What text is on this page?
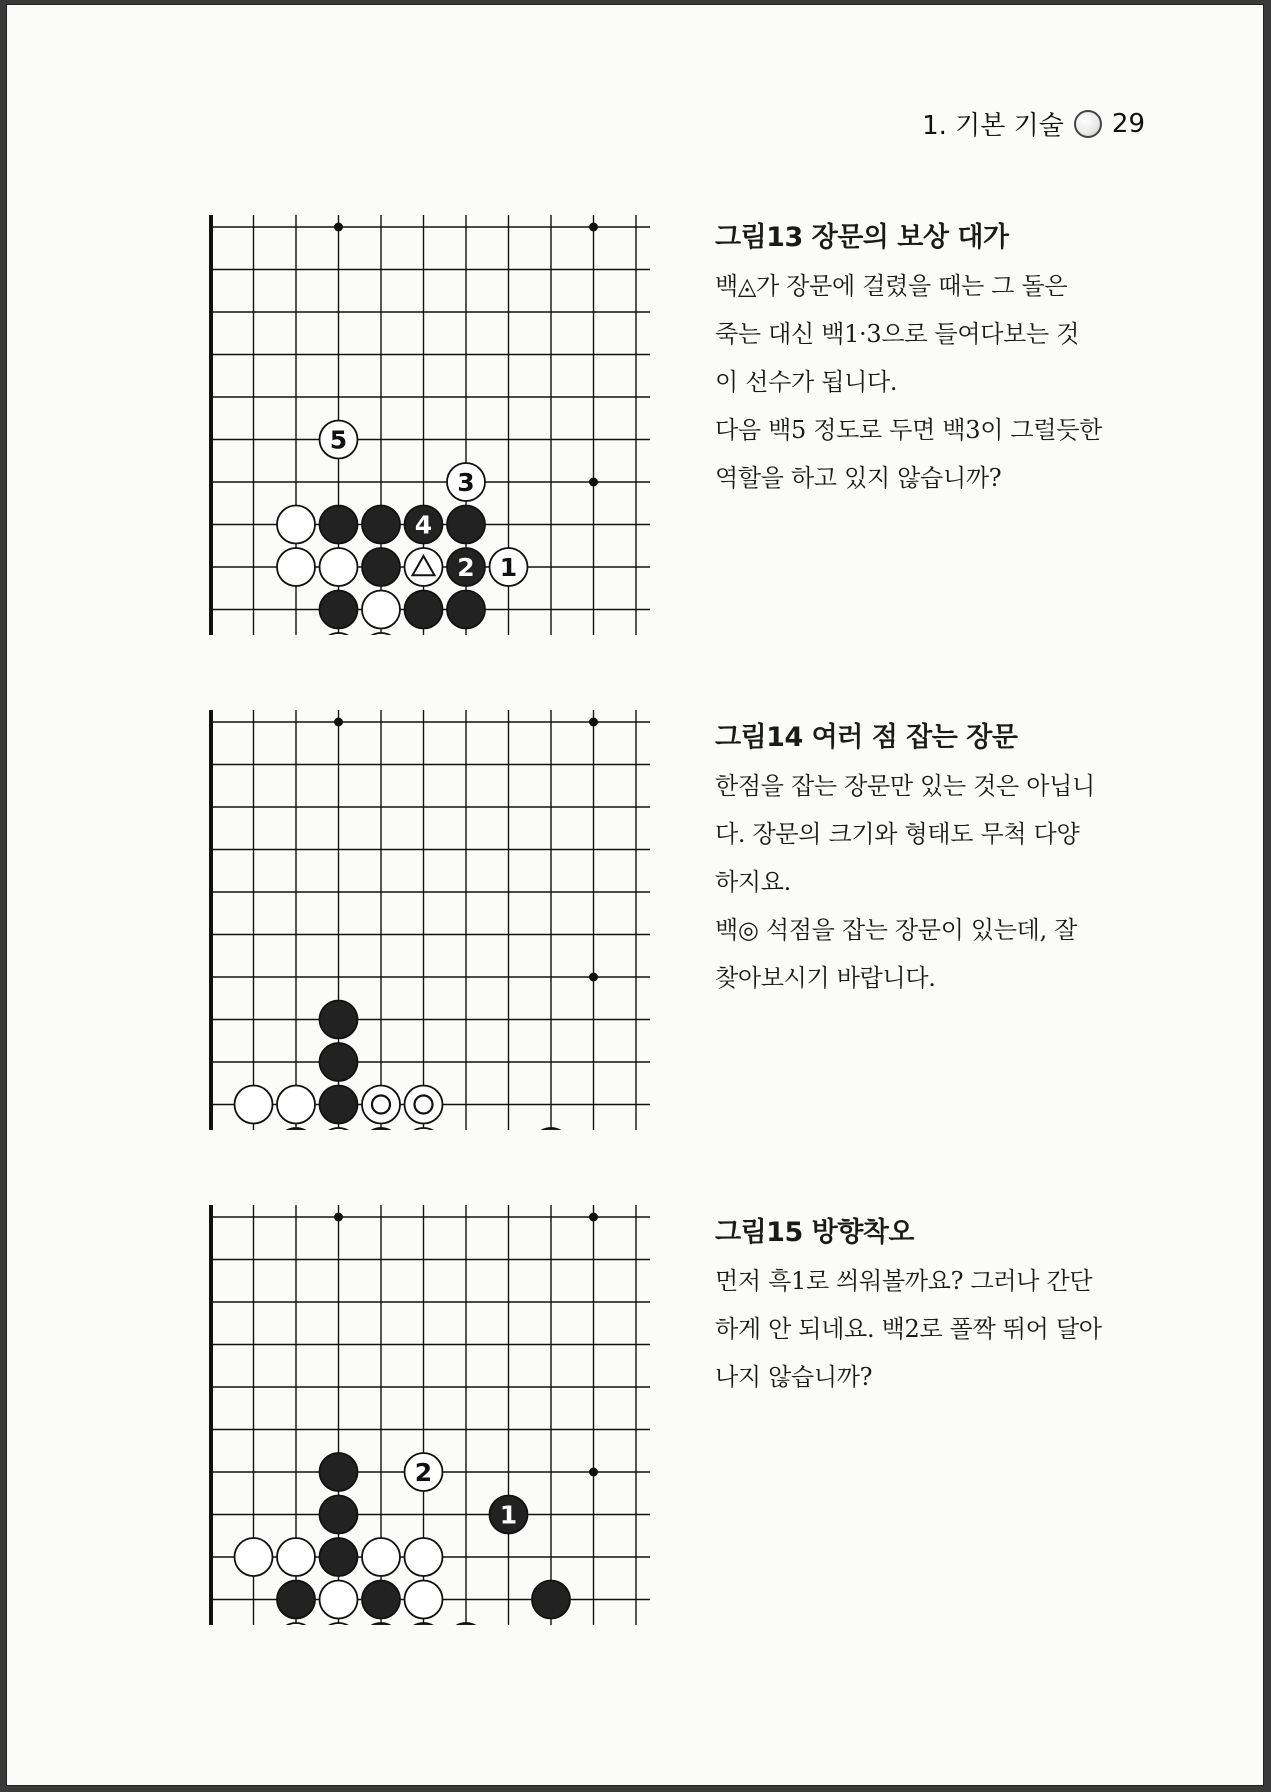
1. 기본 기술 29
5
3
4
2 1
그림13 장문의 보상 대가
백◬가 장문에 걸렸을 때는 그 돌은
죽는 대신 백1·3으로 들여다보는 것
이 선수가 됩니다.
다음 백5 정도로 두면 백3이 그럴듯한
역할을 하고 있지 않습니까?
그림14 여러 점 잡는 장문
한점을 잡는 장문만 있는 것은 아닙니
다. 장문의 크기와 형태도 무척 다양
하지요.
백◎ 석점을 잡는 장문이 있는데, 잘
찾아보시기 바랍니다.
2
1
그림15 방향착오
먼저 흑1로 씌워볼까요? 그러나 간단
하게 안 되네요. 백2로 폴짝 뛰어 달아
나지 않습니까?
